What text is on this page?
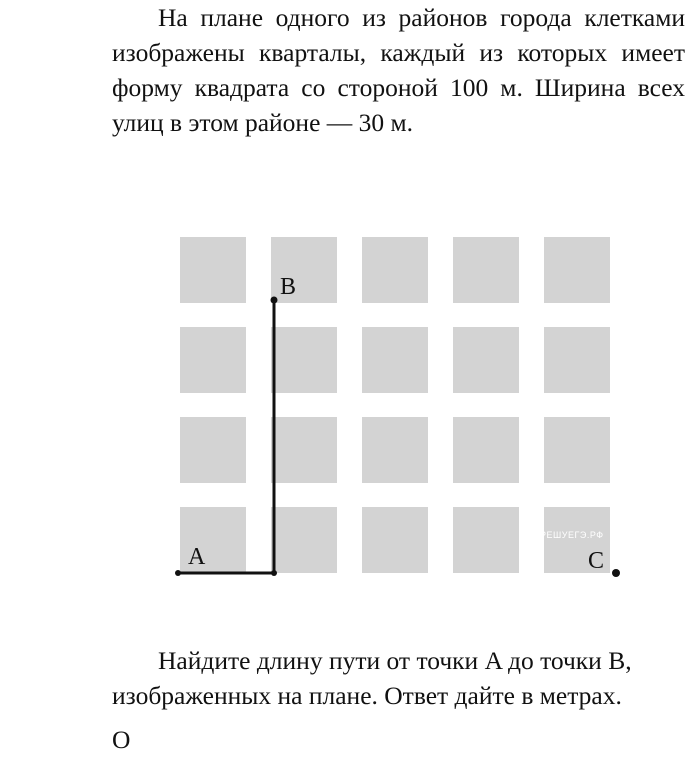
На плане одного из районов города клетками изображены кварталы, каждый из которых имеет форму квадрата со стороной 100 м. Ширина всех улиц в этом районе — 30 м.

РЕШУЕГЭ.РФ
A
B
C

Найдите длину пути от точки A до точки B,
изображенных на плане. Ответ дайте в метрах.

О
